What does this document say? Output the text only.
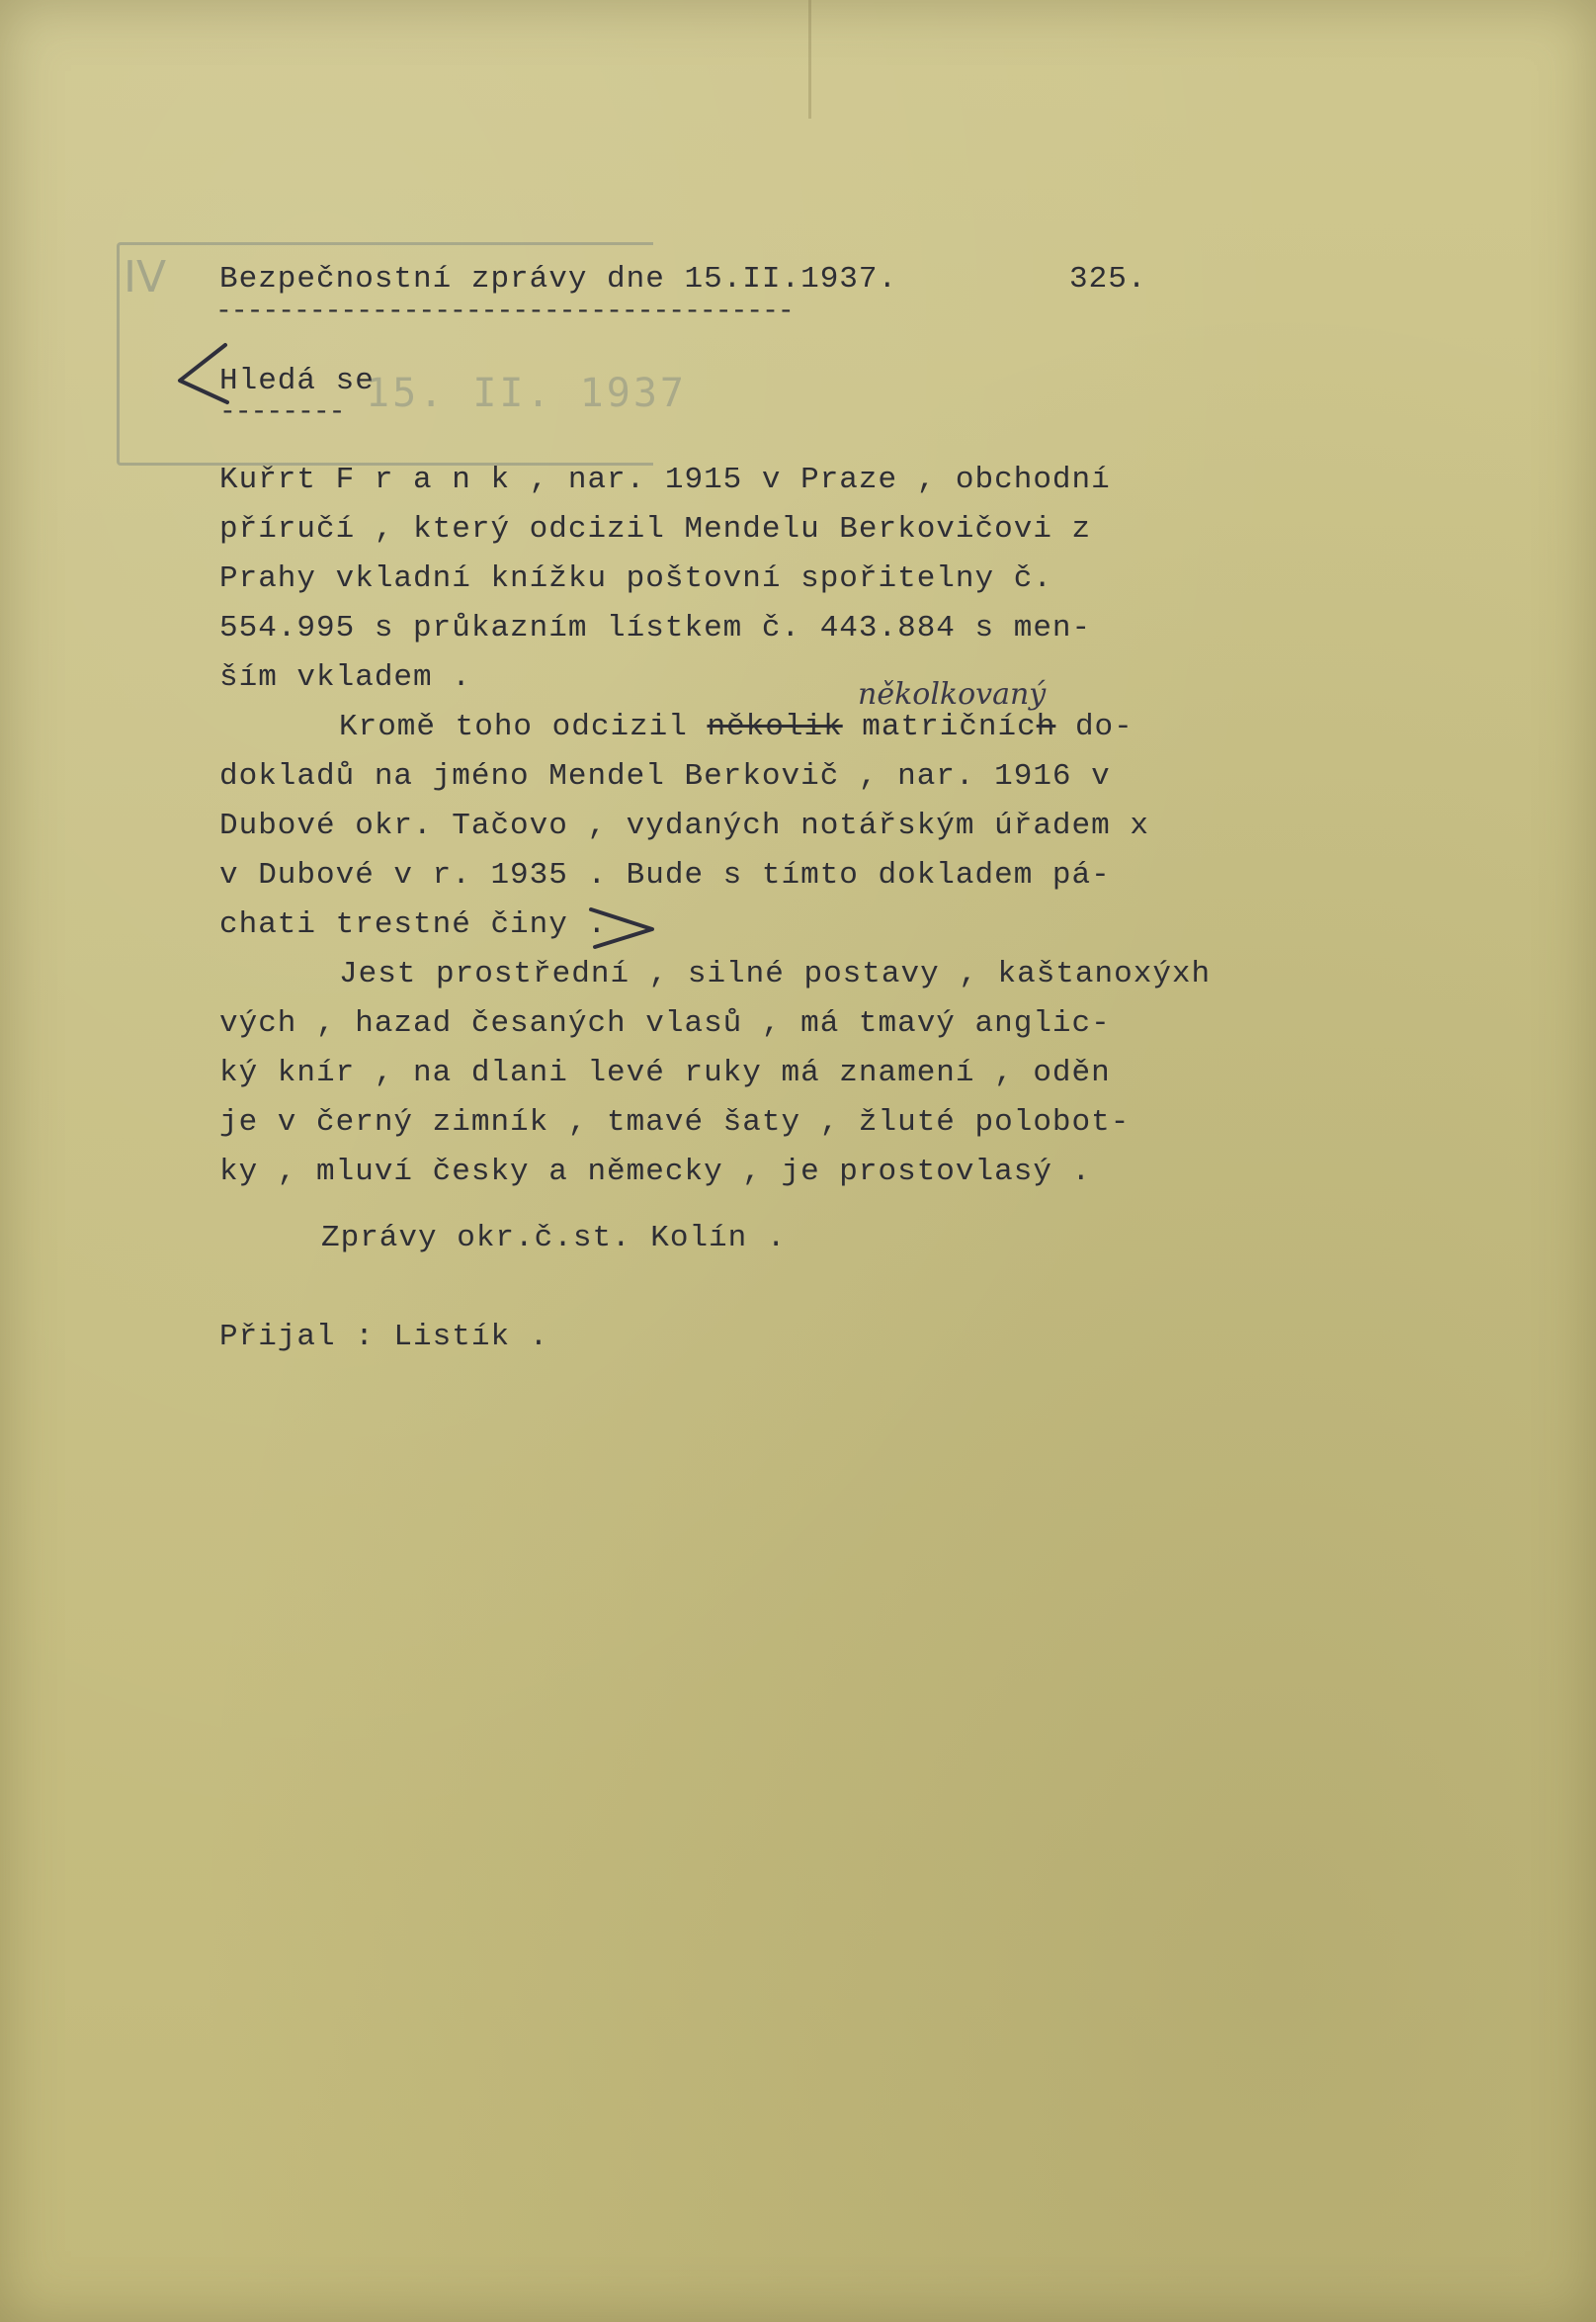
IV
15. II. 1937
Bezpečnostní zprávy dne 15.II.1937.	325.
-------------------------------------
Hledá se
--------
Kuřrt F r a n k , nar. 1915 v Praze , obchodní
příručí , který odcizil Mendelu Berkovičovi z
Prahy vkladní knížku poštovní spořitelny č.
554.995 s průkazním lístkem č. 443.884 s men-
ším vkladem .	několkovaný
Kromě toho odcizil několik matričních do-
dokladů na jméno Mendel Berkovič , nar. 1916 v
Dubové okr. Tačovo , vydaných notářským úřadem x
v Dubové v r. 1935 . Bude s tímto dokladem pá-
chati trestné činy .
Jest prostřední , silné postavy , kaštanoxýxh
vých , hazad česaných vlasů , má tmavý anglic-
ký knír , na dlani levé ruky má znamení , oděn
je v černý zimník , tmavé šaty , žluté polobot-
ky , mluví česky a německy , je prostovlasý .
Zprávy okr.č.st. Kolín .
Přijal : Listík .
